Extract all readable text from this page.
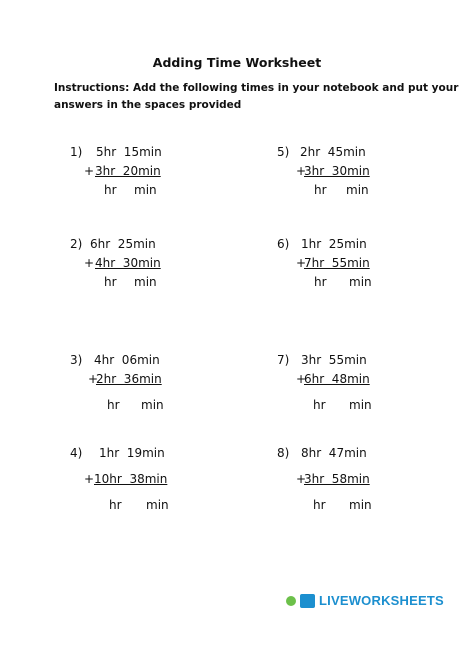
Adding Time Worksheet
Instructions: Add the following times in your notebook and put your
answers in the spaces provided
1) 5hr  15min
+ 3hr  20min
hr min
2) 6hr  25min
+ 4hr  30min
hr min
3) 4hr  06min
+
2hr  36min
hr min
4) 1hr  19min
+ 10hr  38min
hr min
5) 2hr  45min
+
3hr  30min
hr min
6) 1hr  25min
+
7hr  55min
hr min
7) 3hr  55min
+
6hr  48min
hr min
8) 8hr  47min
+
3hr  58min
hr min

LIVEWORKSHEETS
